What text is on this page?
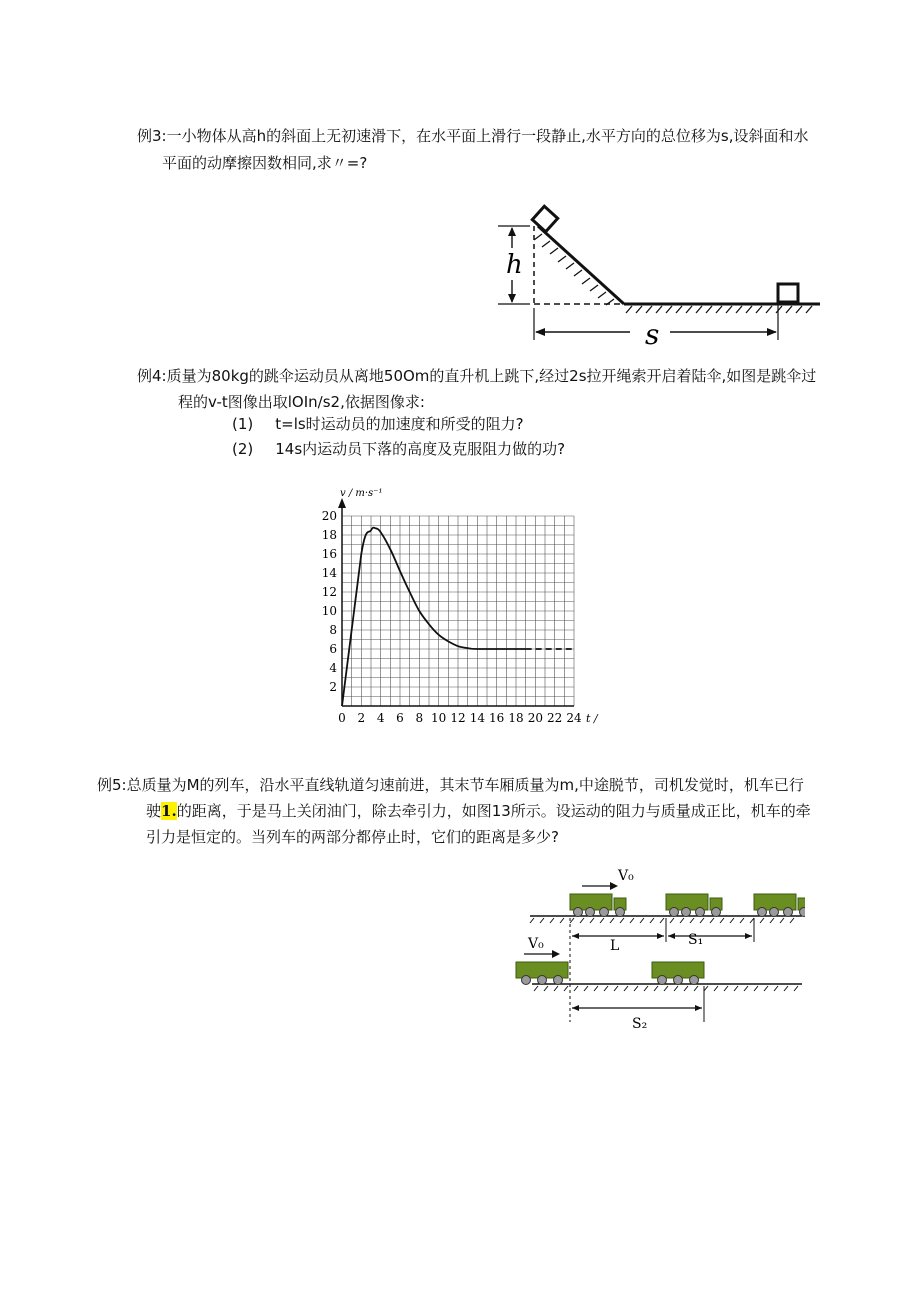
例3:一小物体从高h的斜面上无初速滑下，在水平面上滑行一段静止,水平方向的总位移为s,设斜面和水
平面的动摩擦因数相同,求〃=?
h
s
例4:质量为80kg的跳伞运动员从离地50Om的直升机上跳下,经过2s拉开绳索开启着陆伞,如图是跳伞过
程的v-t图像出取lOIn∕s2,依据图像求:
(1) t=ls时运动员的加速度和所受的阻力?
(2) 14s内运动员下落的高度及克服阻力做的功?
0 2 4 6 8 10 12 14 16 18 20 22 24
2
4
6
8
10
12
14
16
18
20
v / m·s⁻¹
t /
例5:总质量为M的列车，沿水平直线轨道匀速前进，其末节车厢质量为m,中途脱节，司机发觉时，机车已行
驶1.的距离，于是马上关闭油门，除去牵引力，如图13所示。设运动的阻力与质量成正比，机车的牵
引力是恒定的。当列车的两部分都停止时，它们的距离是多少?
V₀
L	S₁
V₀
S₂
